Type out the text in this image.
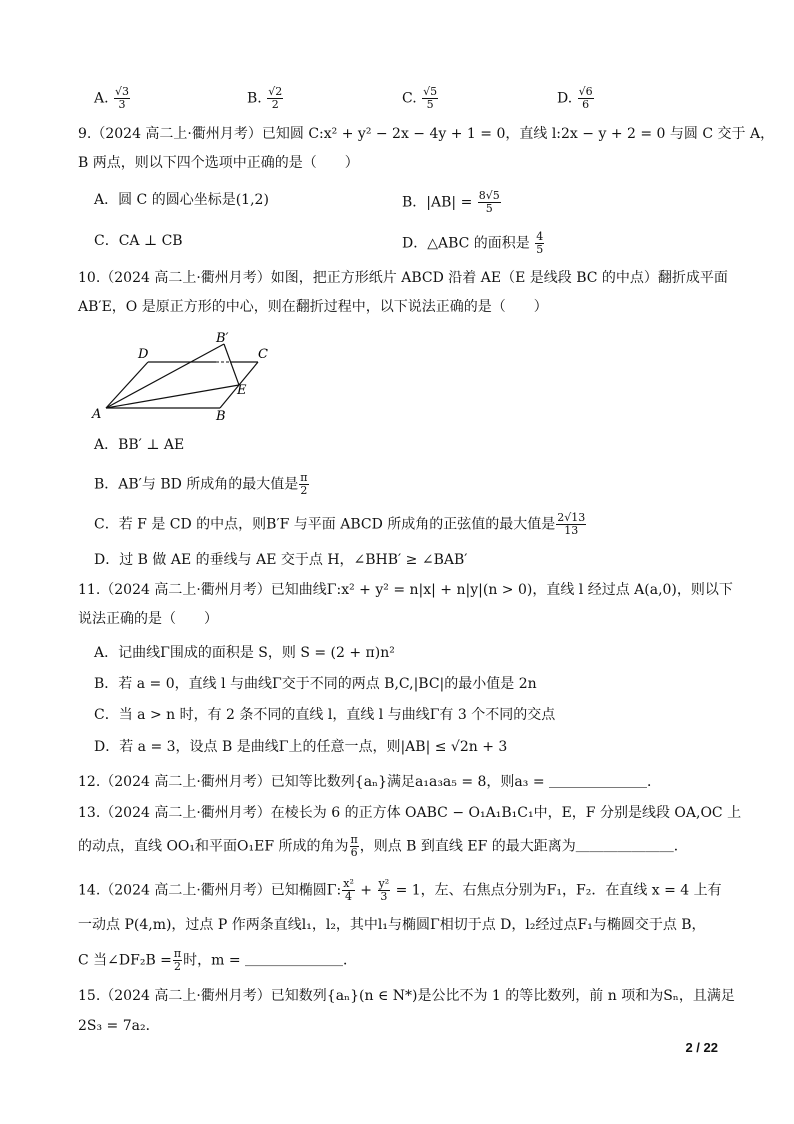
A. $\frac{√3}{3}$	B. $\frac{√2}{2}$	C. $\frac{√5}{5}$	D. $\frac{√6}{6}$
9.（2024 高二上·衢州月考）已知圆 C:x² + y² − 2x − 4y + 1 = 0，直线 l:2x − y + 2 = 0 与圆 C 交于 A，
B 两点，则以下四个选项中正确的是（　　）
A．圆 C 的圆心坐标是(1,2)	B．$|AB| = \frac{8√5}{5}$
C．CA ⊥ CB	D．△ABC 的面积是 $\frac{4}{5}$
10.（2024 高二上·衢州月考）如图，把正方形纸片 ABCD 沿着 AE（E 是线段 BC 的中点）翻折成平面
AB′E，O 是原正方形的中心，则在翻折过程中，以下说法正确的是（　　）
D
B′
C
E
A	B
A．BB′ ⊥ AE
B．AB′与 BD 所成角的最大值是 $\frac{\pi}{2}$
C．若 F 是 CD 的中点，则B′F 与平面 ABCD 所成角的正弦值的最大值是 $\frac{2√13}{13}$
D．过 B 做 AE 的垂线与 AE 交于点 H，∠BHB′ ≥ ∠BAB′
11.（2024 高二上·衢州月考）已知曲线Γ:x² + y² = n|x| + n|y|(n > 0)，直线 l 经过点 A(a,0)，则以下
说法正确的是（　　）
A．记曲线Γ围成的面积是 S，则 S = (2 + π)n²
B．若 a = 0，直线 l 与曲线Γ交于不同的两点 B,C,|BC|的最小值是 2n
C．当 a > n 时，有 2 条不同的直线 l，直线 l 与曲线Γ有 3 个不同的交点
D．若 a = 3，设点 B 是曲线Γ上的任意一点，则|AB| ≤ √2n + 3
12.（2024 高二上·衢州月考）已知等比数列{aₙ}满足a₁a₃a₅ = 8，则a₃ = ＿＿＿＿＿＿＿．
13.（2024 高二上·衢州月考）在棱长为 6 的正方体 OABC − O₁A₁B₁C₁中，E，F 分别是线段 OA,OC 上
的动点，直线 OO₁和平面O₁EF 所成的角为 $\frac{\pi}{6}$ ，则点 B 到直线 EF 的最大距离为＿＿＿＿＿＿＿．
14.（2024 高二上·衢州月考）已知椭圆Γ: $\frac{\text{x²}}{4} + \frac{\text{y²}}{3} = 1$，左、右焦点分别为F₁，F₂．在直线 x = 4 上有
一动点 P(4,m)，过点 P 作两条直线l₁，l₂，其中l₁与椭圆Γ相切于点 D，l₂经过点F₁与椭圆交于点 B，
C 当∠DF₂B = $\frac{\pi}{2}$ 时，m = ＿＿＿＿＿＿＿．
15.（2024 高二上·衢州月考）已知数列{aₙ}(n ∈ N*)是公比不为 1 的等比数列，前 n 项和为Sₙ，且满足
2S₃ = 7a₂．
2 / 22
